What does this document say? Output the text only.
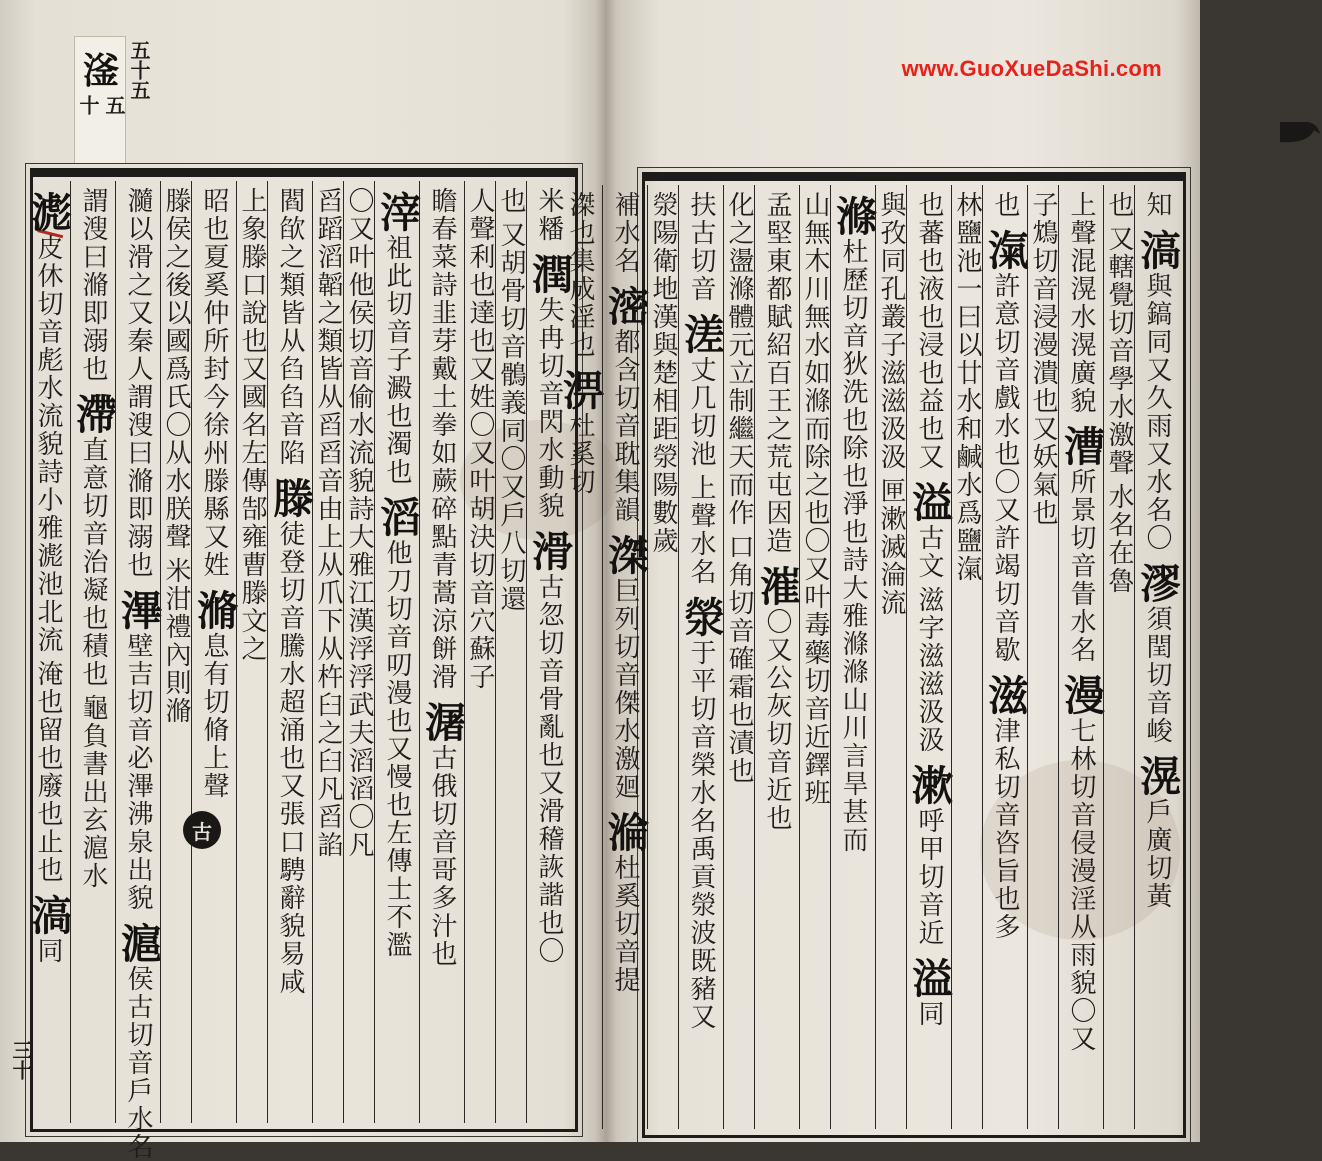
www.GuoXueDaShi.com
滏
十 五
五十五
米䊩
潤
失冉切音閃水動貌
滑
古忽切音骨亂也又滑稽詼諧也〇
也
又胡骨切音鶻義同〇又戶八切還
人聲利也達也又姓〇又叶胡決切音穴蘇子
瞻春菜詩韭芽戴土拳如蕨碎點青蒿涼餅滑
潳
古俄切音哥多汁也
滓
祖此切音子澱也濁也
滔
他刀切音叨漫也又慢也左傳士不濫
〇又叶他侯切音偷水流貌詩大雅江漢浮浮武夫滔滔〇凡
舀蹈滔韜之類皆从舀舀音由上从爪下从杵臼之臼凡舀諂
閻欿之類皆从臽臽音陷
滕
徒登切音騰水超涌也又張口騁辭貌易咸
上象滕口說也又國名左傳郜雍曹滕文之
昭也夏奚仲所封今徐州滕縣又姓
滫
息有切脩上聲
滕侯之後以國爲氏〇从水朕聲
米泔禮內則滫
瀡以滑之又秦人謂溲曰滫即溺也
滭
壁吉切音必滭沸泉出貌
滬
侯古切音戶水名
謂溲曰滫即溺也
滯
直意切音治凝也積也
龜負書出玄滬水
滮
皮休切音彪水流貌詩小雅滮池北流
淹也留也廢也止也
滈
同
古
三十
知
滈
與鎬同又久雨又水名〇
漻
須閏切音峻
滉
戶廣切黃
也
又轄覺切音學水激聲
水名在魯
上聲混滉水滉廣貌
漕
所景切音眚水名
漫
七林切音侵漫淫从雨貌〇又
子鴆切音浸漫潰也又妖氣也
也
滊
許意切音戲水也〇又許竭切音歇
滋
津私切音咨旨也多
林鹽池一曰以廿水和鹹水爲鹽滊
也蕃也液也浸也益也又
溢
古文
滋字滋滋汲汲
漱
呼甲切音近
溢
同
與孜同孔叢子滋滋汲汲
匣漱滅淪流
滌
杜歷切音狄洗也除也淨也詩大雅滌滌山川言旱甚而
山無木川無水如滌而除之也〇又叶毒藥切音近鐸班
孟堅東都賦紹百王之荒屯因造
漼
〇又公灰切音近也
化之盪滌體元立制繼天而作
口角切音確霜也漬也
扶古切音
溠
丈几切池
上聲水名
滎
于平切音榮水名禹貢滎波既豬又
滎陽衛地漢與楚相距滎陽數歲
補水名
滵
都含切音耽集韻
滐
巨列切音傑水激廻
溣
杜奚切音提
滐也集成淫也
淠
杜奚切
